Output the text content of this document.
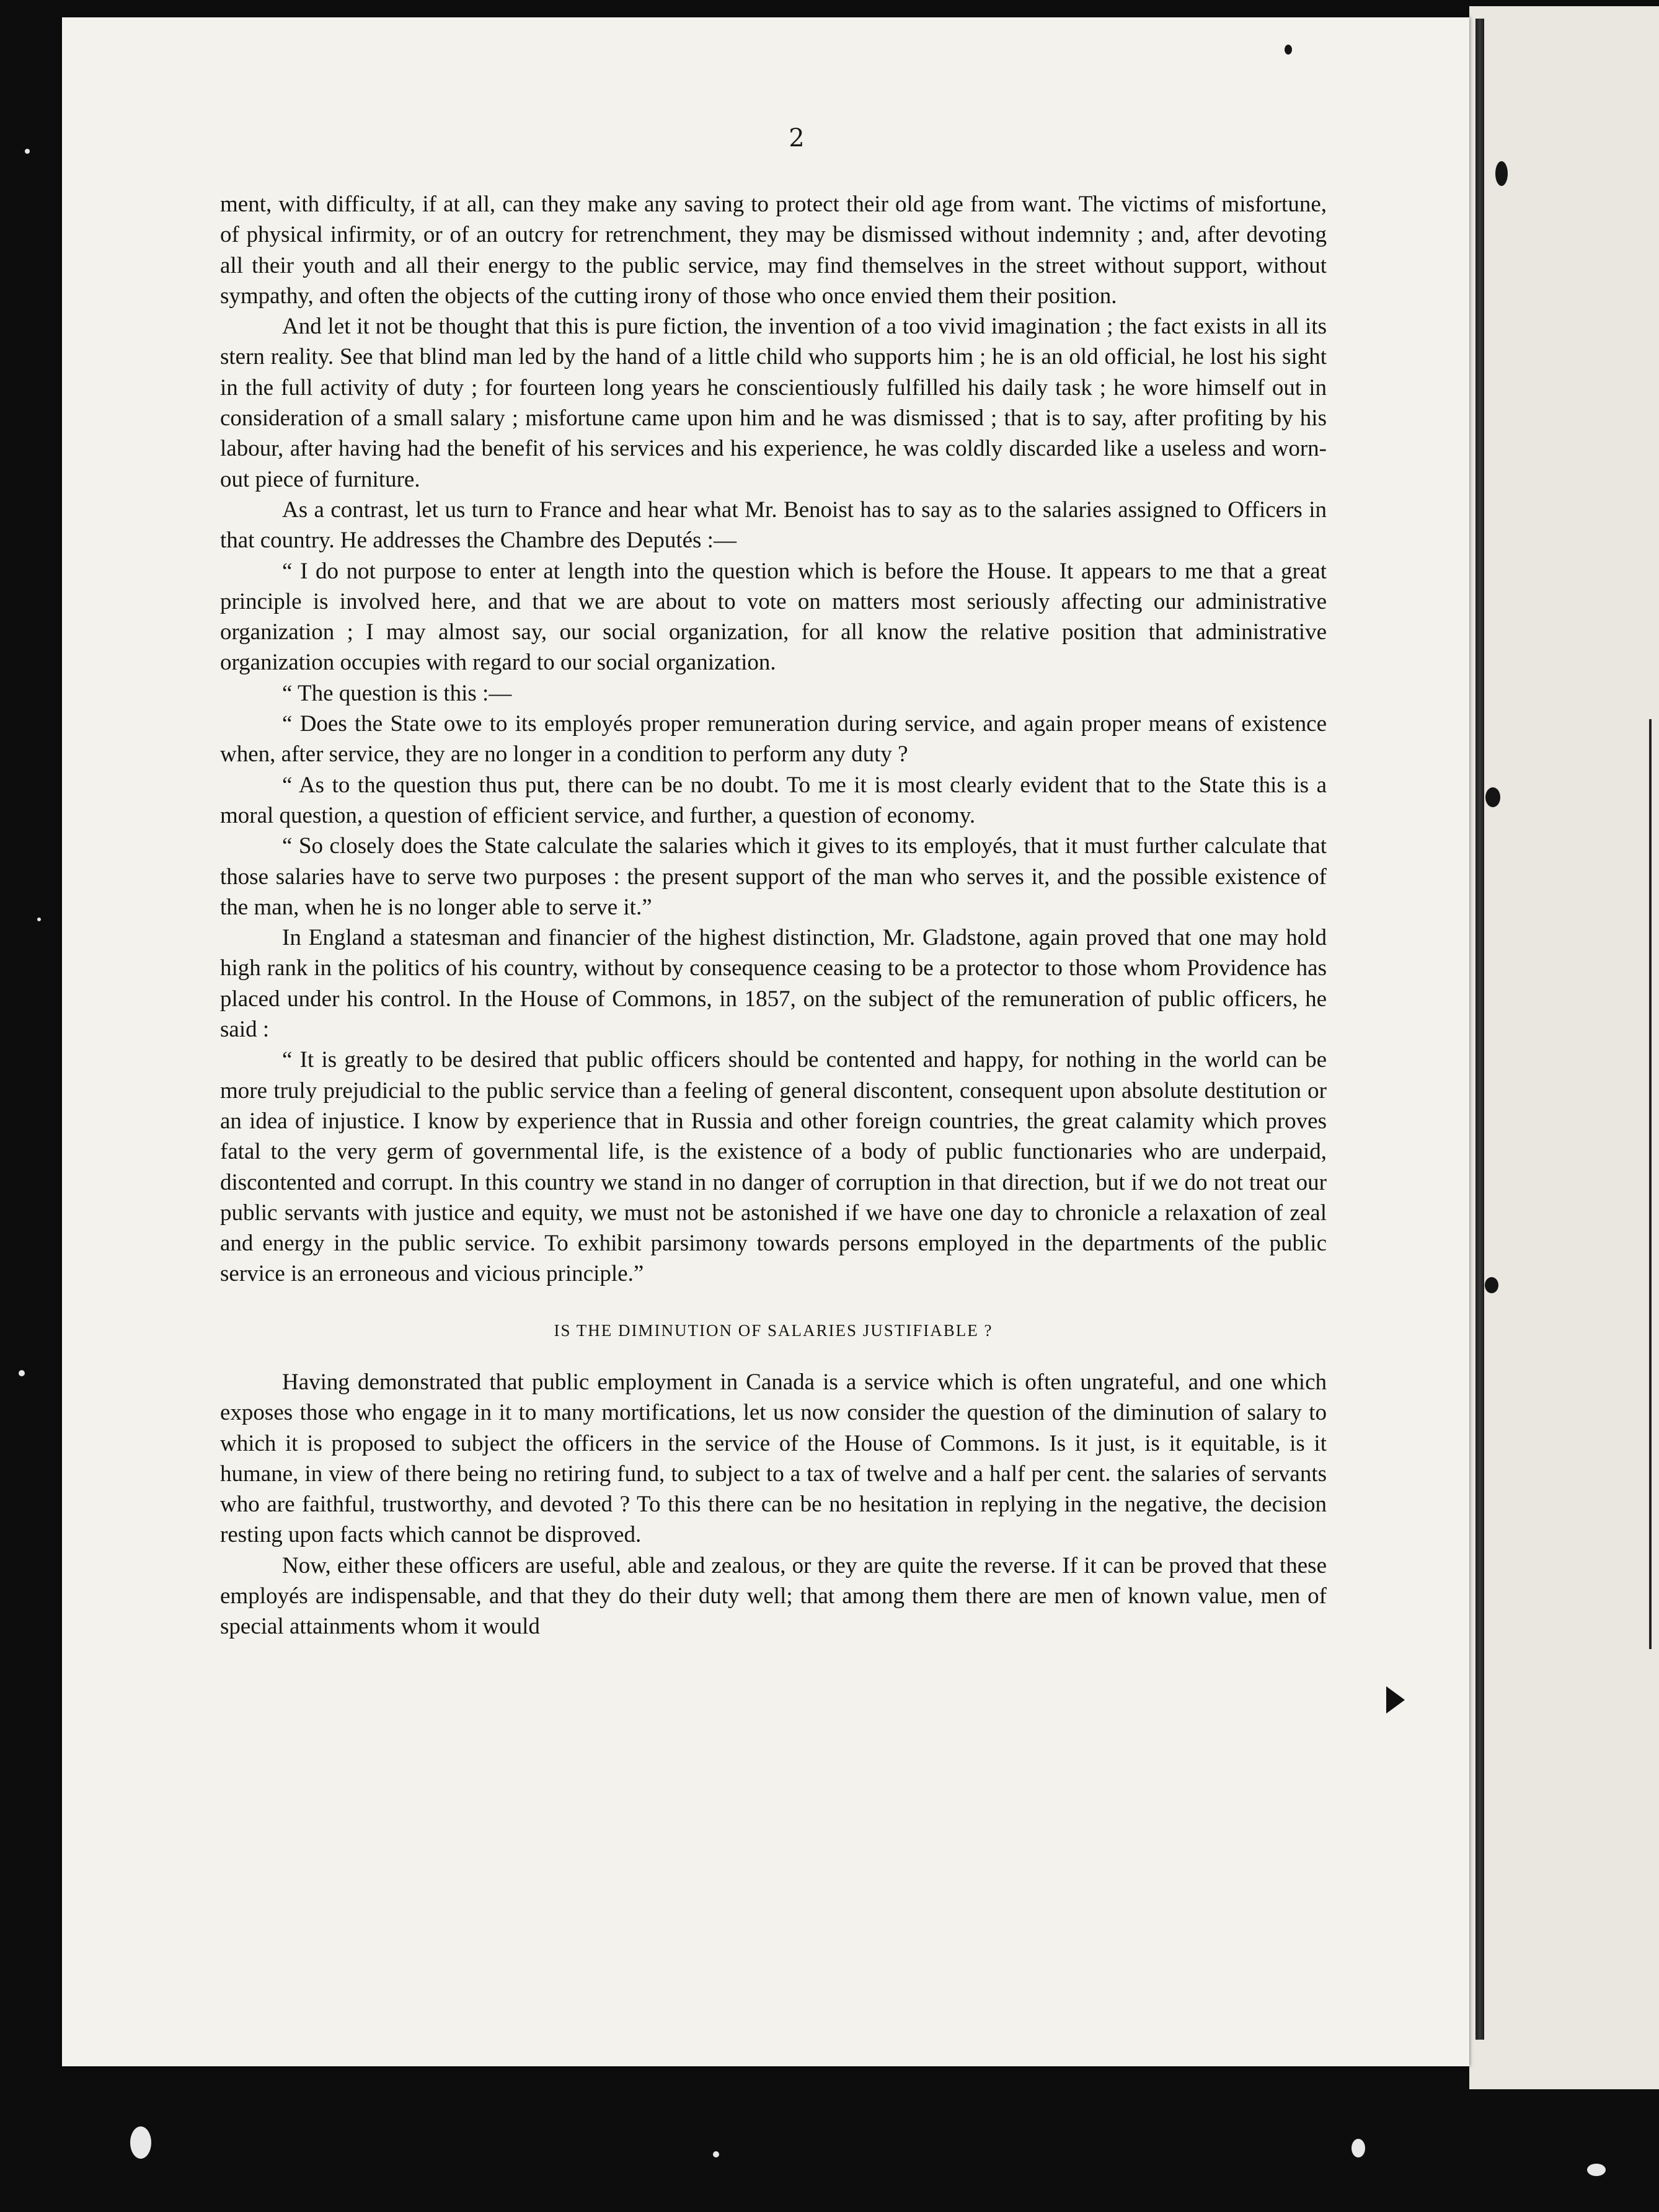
2

ment, with difficulty, if at all, can they make any saving to protect their old age from want. The victims of misfortune, of physical infirmity, or of an outcry for retrenchment, they may be dismissed without indemnity ; and, after devoting all their youth and all their energy to the public service, may find themselves in the street without support, without sympathy, and often the objects of the cutting irony of those who once envied them their position.

And let it not be thought that this is pure fiction, the invention of a too vivid imagination ; the fact exists in all its stern reality. See that blind man led by the hand of a little child who supports him ; he is an old official, he lost his sight in the full activity of duty ; for fourteen long years he conscientiously fulfilled his daily task ; he wore himself out in consideration of a small salary ; misfortune came upon him and he was dismissed ; that is to say, after profiting by his labour, after having had the benefit of his services and his experience, he was coldly discarded like a useless and worn-out piece of furniture.

As a contrast, let us turn to France and hear what Mr. Benoist has to say as to the salaries assigned to Officers in that country. He addresses the Chambre des Deputés :—

“ I do not purpose to enter at length into the question which is before the House. It appears to me that a great principle is involved here, and that we are about to vote on matters most seriously affecting our administrative organization ; I may almost say, our social organization, for all know the relative position that administrative organization occupies with regard to our social organization.

“ The question is this :—

“ Does the State owe to its employés proper remuneration during service, and again proper means of existence when, after service, they are no longer in a condition to perform any duty ?

“ As to the question thus put, there can be no doubt. To me it is most clearly evident that to the State this is a moral question, a question of efficient service, and further, a question of economy.

“ So closely does the State calculate the salaries which it gives to its employés, that it must further calculate that those salaries have to serve two purposes : the present support of the man who serves it, and the possible existence of the man, when he is no longer able to serve it.”

In England a statesman and financier of the highest distinction, Mr. Gladstone, again proved that one may hold high rank in the politics of his country, without by consequence ceasing to be a protector to those whom Providence has placed under his control. In the House of Commons, in 1857, on the subject of the remuneration of public officers, he said :

“ It is greatly to be desired that public officers should be contented and happy, for nothing in the world can be more truly prejudicial to the public service than a feeling of general discontent, consequent upon absolute destitution or an idea of injustice. I know by experience that in Russia and other foreign countries, the great calamity which proves fatal to the very germ of governmental life, is the existence of a body of public functionaries who are underpaid, discontented and corrupt. In this country we stand in no danger of corruption in that direction, but if we do not treat our public servants with justice and equity, we must not be astonished if we have one day to chronicle a relaxation of zeal and energy in the public service. To exhibit parsimony towards persons employed in the departments of the public service is an erroneous and vicious principle.”

IS THE DIMINUTION OF SALARIES JUSTIFIABLE ?

Having demonstrated that public employment in Canada is a service which is often ungrateful, and one which exposes those who engage in it to many mortifications, let us now consider the question of the diminution of salary to which it is proposed to subject the officers in the service of the House of Commons. Is it just, is it equitable, is it humane, in view of there being no retiring fund, to subject to a tax of twelve and a half per cent. the salaries of servants who are faithful, trustworthy, and devoted ? To this there can be no hesitation in replying in the negative, the decision resting upon facts which cannot be disproved.

Now, either these officers are useful, able and zealous, or they are quite the reverse. If it can be proved that these employés are indispensable, and that they do their duty well; that among them there are men of known value, men of special attainments whom it would
